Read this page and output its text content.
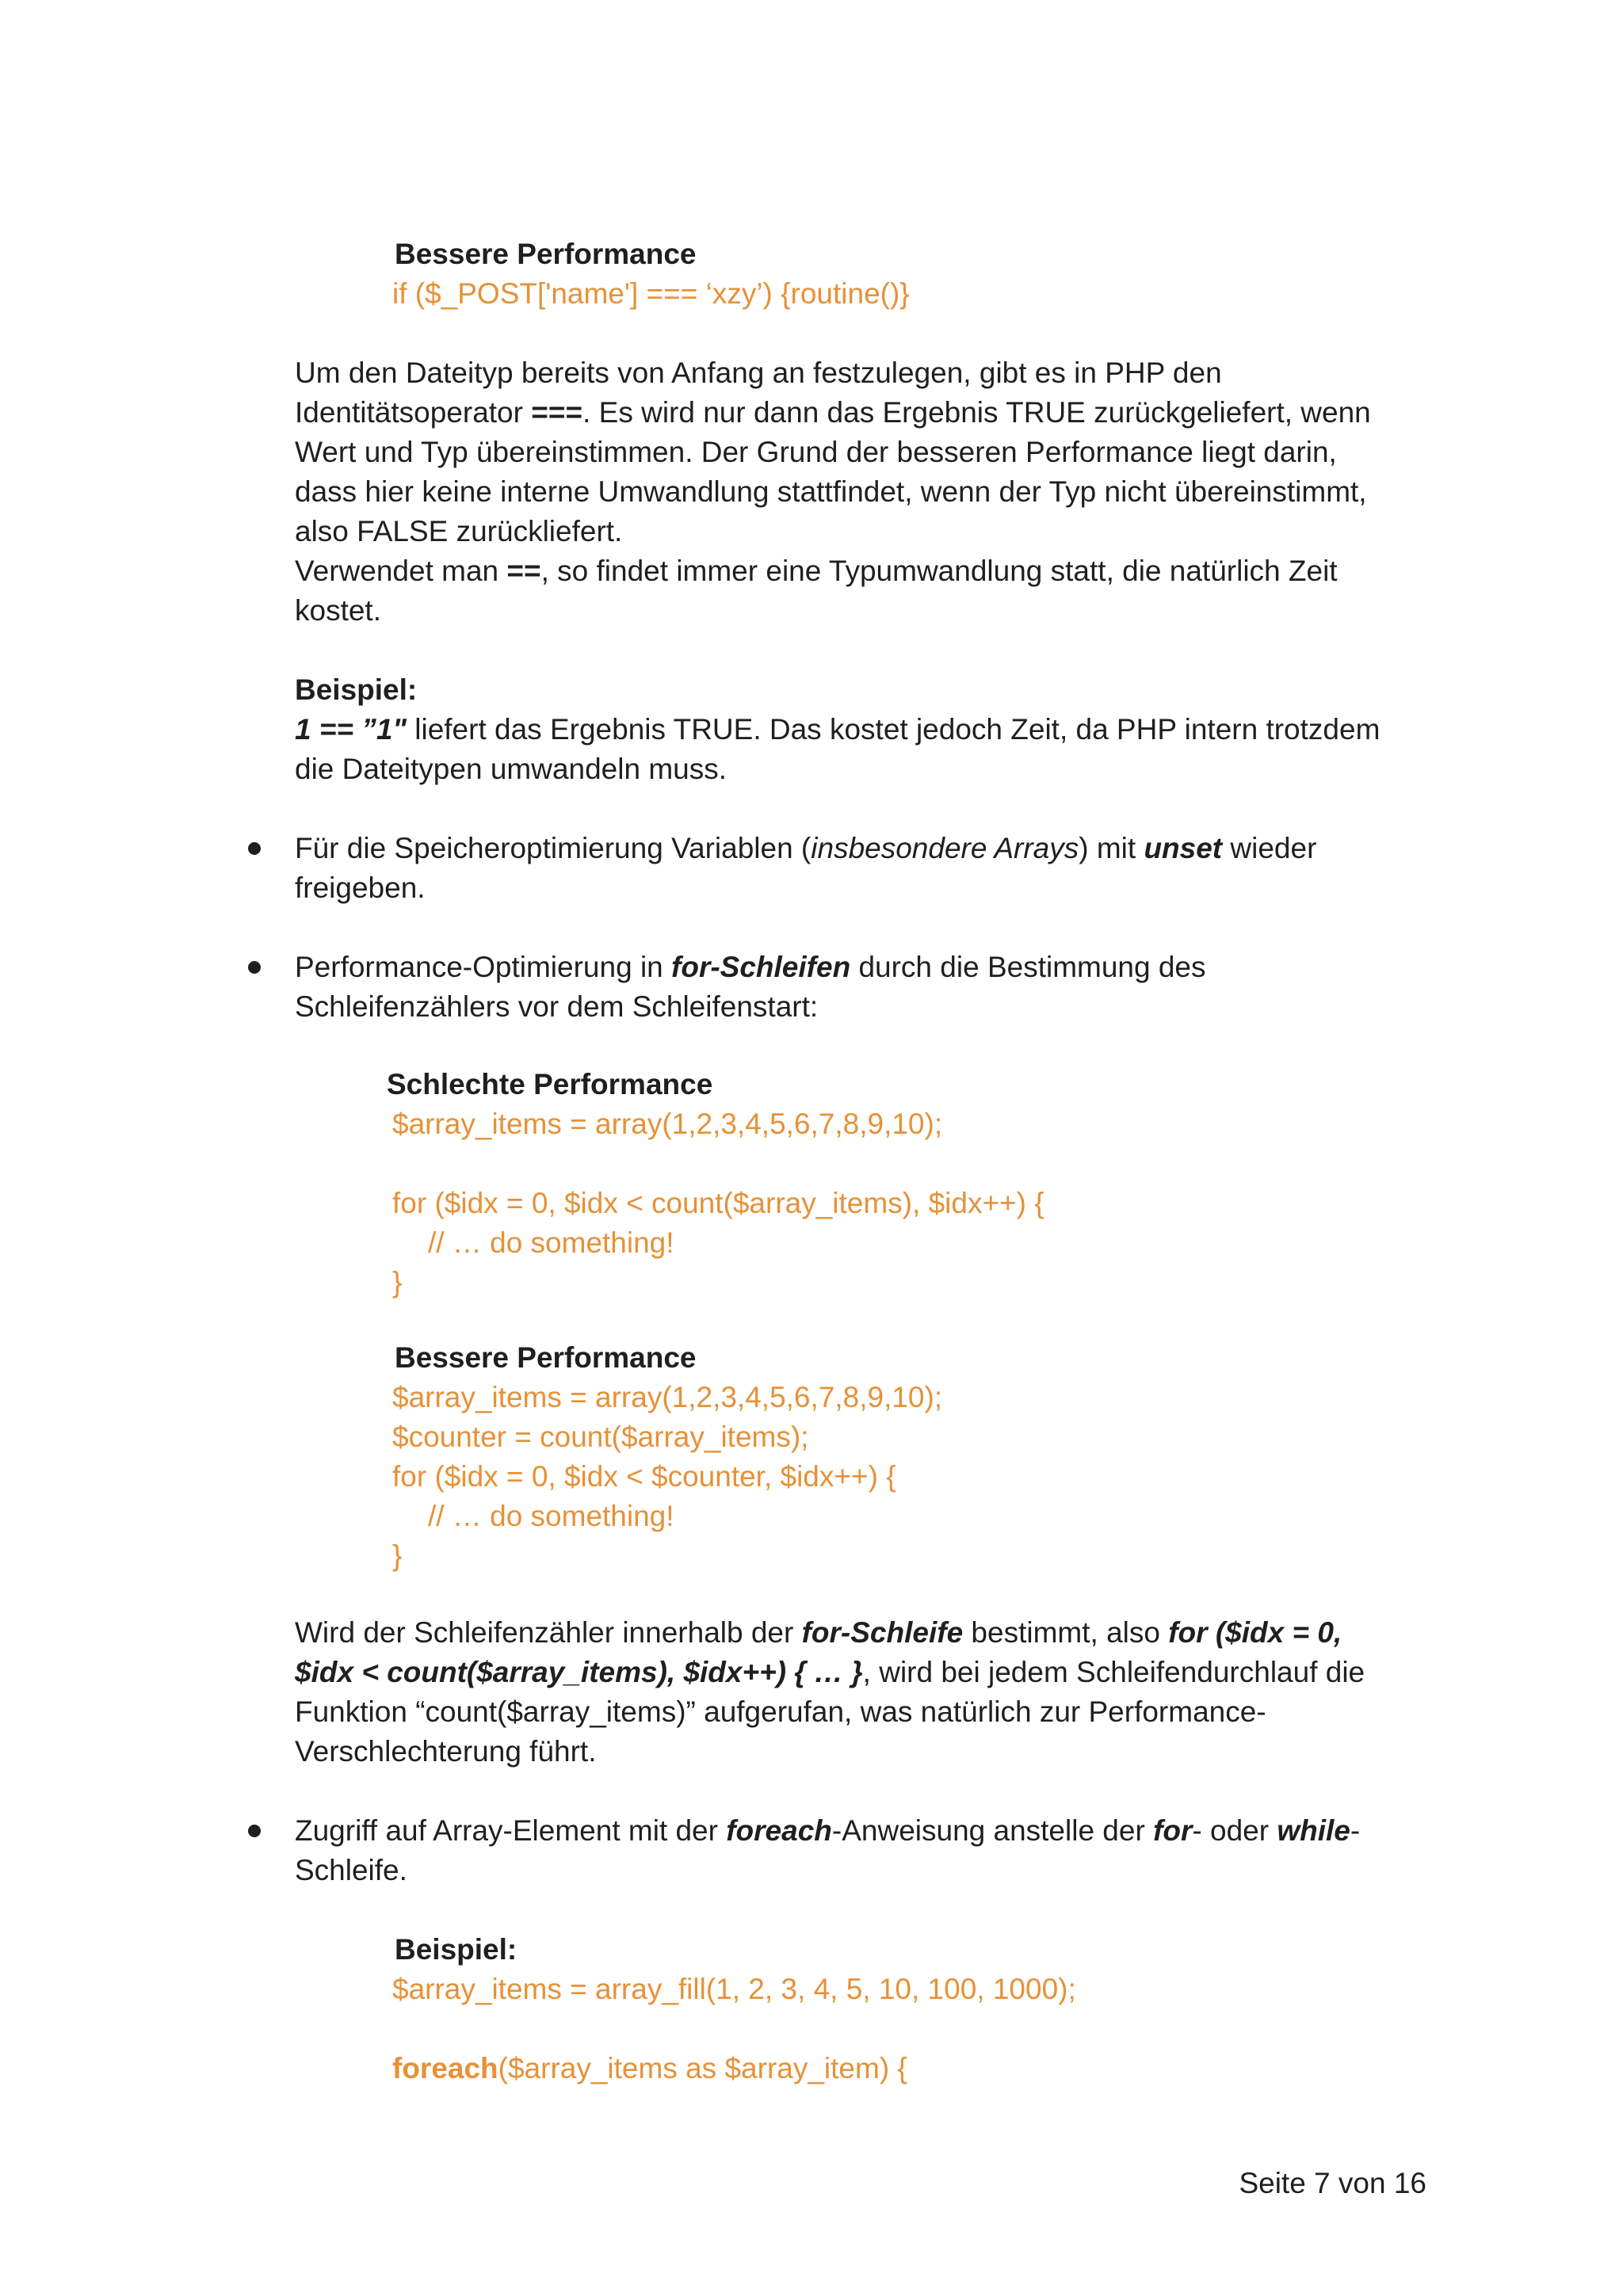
Bessere Performance
if ($_POST['name'] === ‘xzy’) {routine()}
Um den Dateityp bereits von Anfang an festzulegen, gibt es in PHP den
Identitätsoperator ===. Es wird nur dann das Ergebnis TRUE zurückgeliefert, wenn
Wert und Typ übereinstimmen. Der Grund der besseren Performance liegt darin,
dass hier keine interne Umwandlung stattfindet, wenn der Typ nicht übereinstimmt,
also FALSE zurückliefert.
Verwendet man ==, so findet immer eine Typumwandlung statt, die natürlich Zeit
kostet.
Beispiel:
1 == ”1" liefert das Ergebnis TRUE. Das kostet jedoch Zeit, da PHP intern trotzdem
die Dateitypen umwandeln muss.
Für die Speicheroptimierung Variablen (insbesondere Arrays) mit unset wieder
freigeben.
Performance-Optimierung in for-Schleifen durch die Bestimmung des
Schleifenzählers vor dem Schleifenstart:
Schlechte Performance
$array_items = array(1,2,3,4,5,6,7,8,9,10);
for ($idx = 0, $idx < count($array_items), $idx++) {
// … do something!
}
Bessere Performance
$array_items = array(1,2,3,4,5,6,7,8,9,10);
$counter = count($array_items);
for ($idx = 0, $idx < $counter, $idx++) {
// … do something!
}
Wird der Schleifenzähler innerhalb der for-Schleife bestimmt, also for ($idx = 0,
$idx < count($array_items), $idx++) { … }, wird bei jedem Schleifendurchlauf die
Funktion “count($array_items)” aufgerufan, was natürlich zur Performance-
Verschlechterung führt.
Zugriff auf Array-Element mit der foreach-Anweisung anstelle der for- oder while-
Schleife.
Beispiel:
$array_items = array_fill(1, 2, 3, 4, 5, 10, 100, 1000);
foreach($array_items as $array_item) {
Seite 7 von 16
